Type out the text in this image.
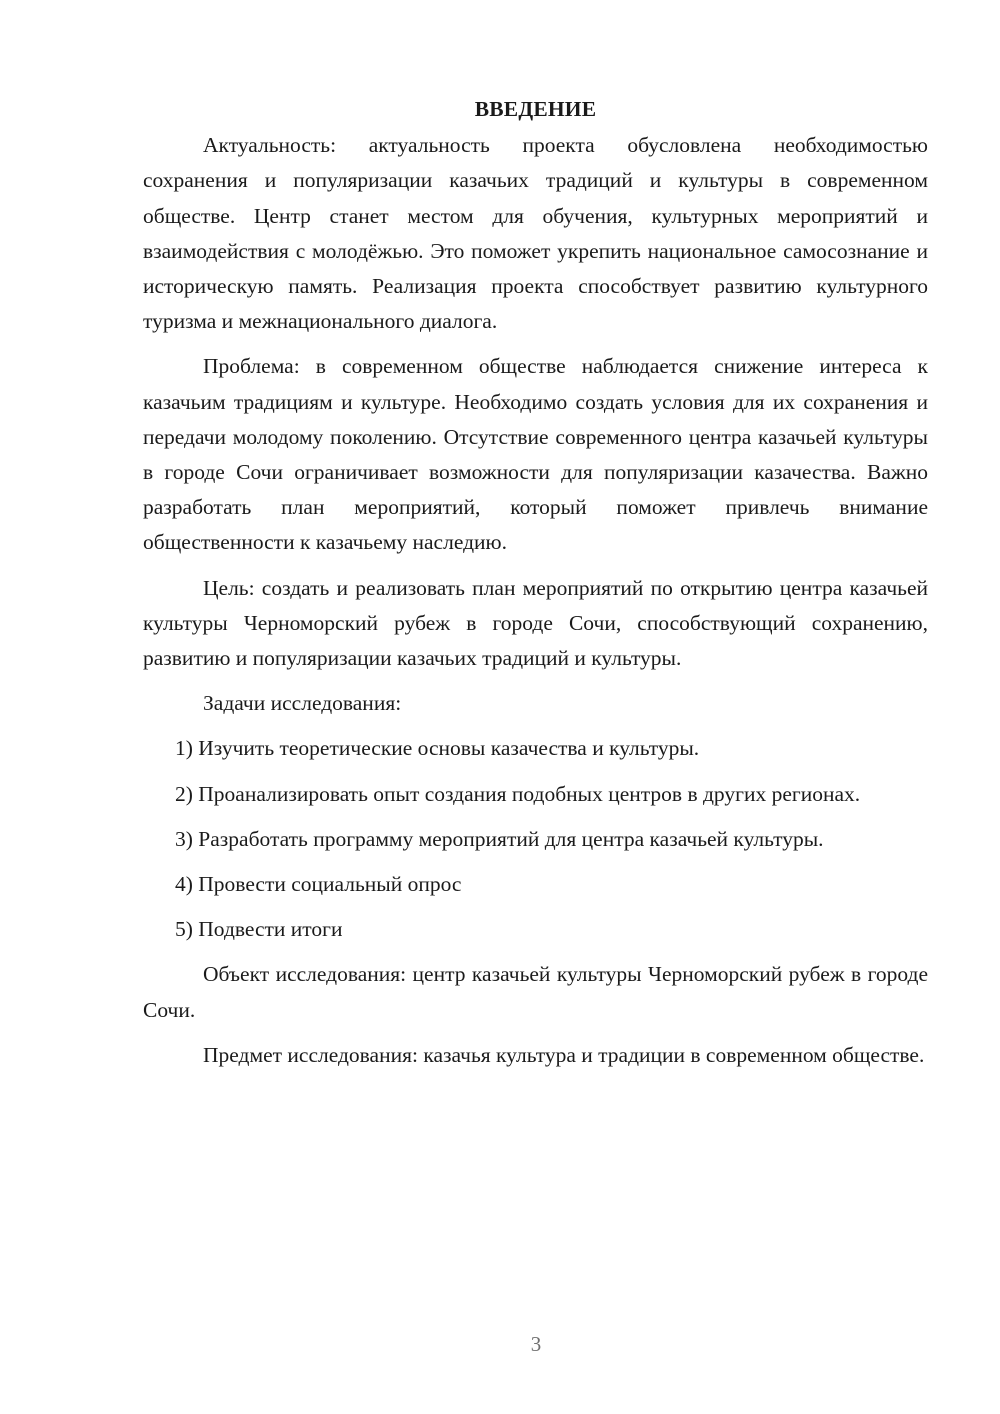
ВВЕДЕНИЕ

Актуальность: актуальность проекта обусловлена необходимостью сохранения и популяризации казачьих традиций и культуры в современном обществе. Центр станет местом для обучения, культурных мероприятий и взаимодействия с молодёжью. Это поможет укрепить национальное самосознание и историческую память. Реализация проекта способствует развитию культурного туризма и межнационального диалога.

Проблема: в современном обществе наблюдается снижение интереса к казачьим традициям и культуре. Необходимо создать условия для их сохранения и передачи молодому поколению. Отсутствие современного центра казачьей культуры в городе Сочи ограничивает возможности для популяризации казачества. Важно разработать план мероприятий, который поможет привлечь внимание общественности к казачьему наследию.

Цель: создать и реализовать план мероприятий по открытию центра казачьей культуры Черноморский рубеж в городе Сочи, способствующий сохранению, развитию и популяризации казачьих традиций и культуры.

Задачи исследования:

1) Изучить теоретические основы казачества и культуры.

2) Проанализировать опыт создания подобных центров в других регионах.

3) Разработать программу мероприятий для центра казачьей культуры.

4) Провести социальный опрос

5) Подвести итоги

Объект исследования: центр казачьей культуры Черноморский рубеж в городе Сочи.

Предмет исследования: казачья культура и традиции в современном обществе.

3
